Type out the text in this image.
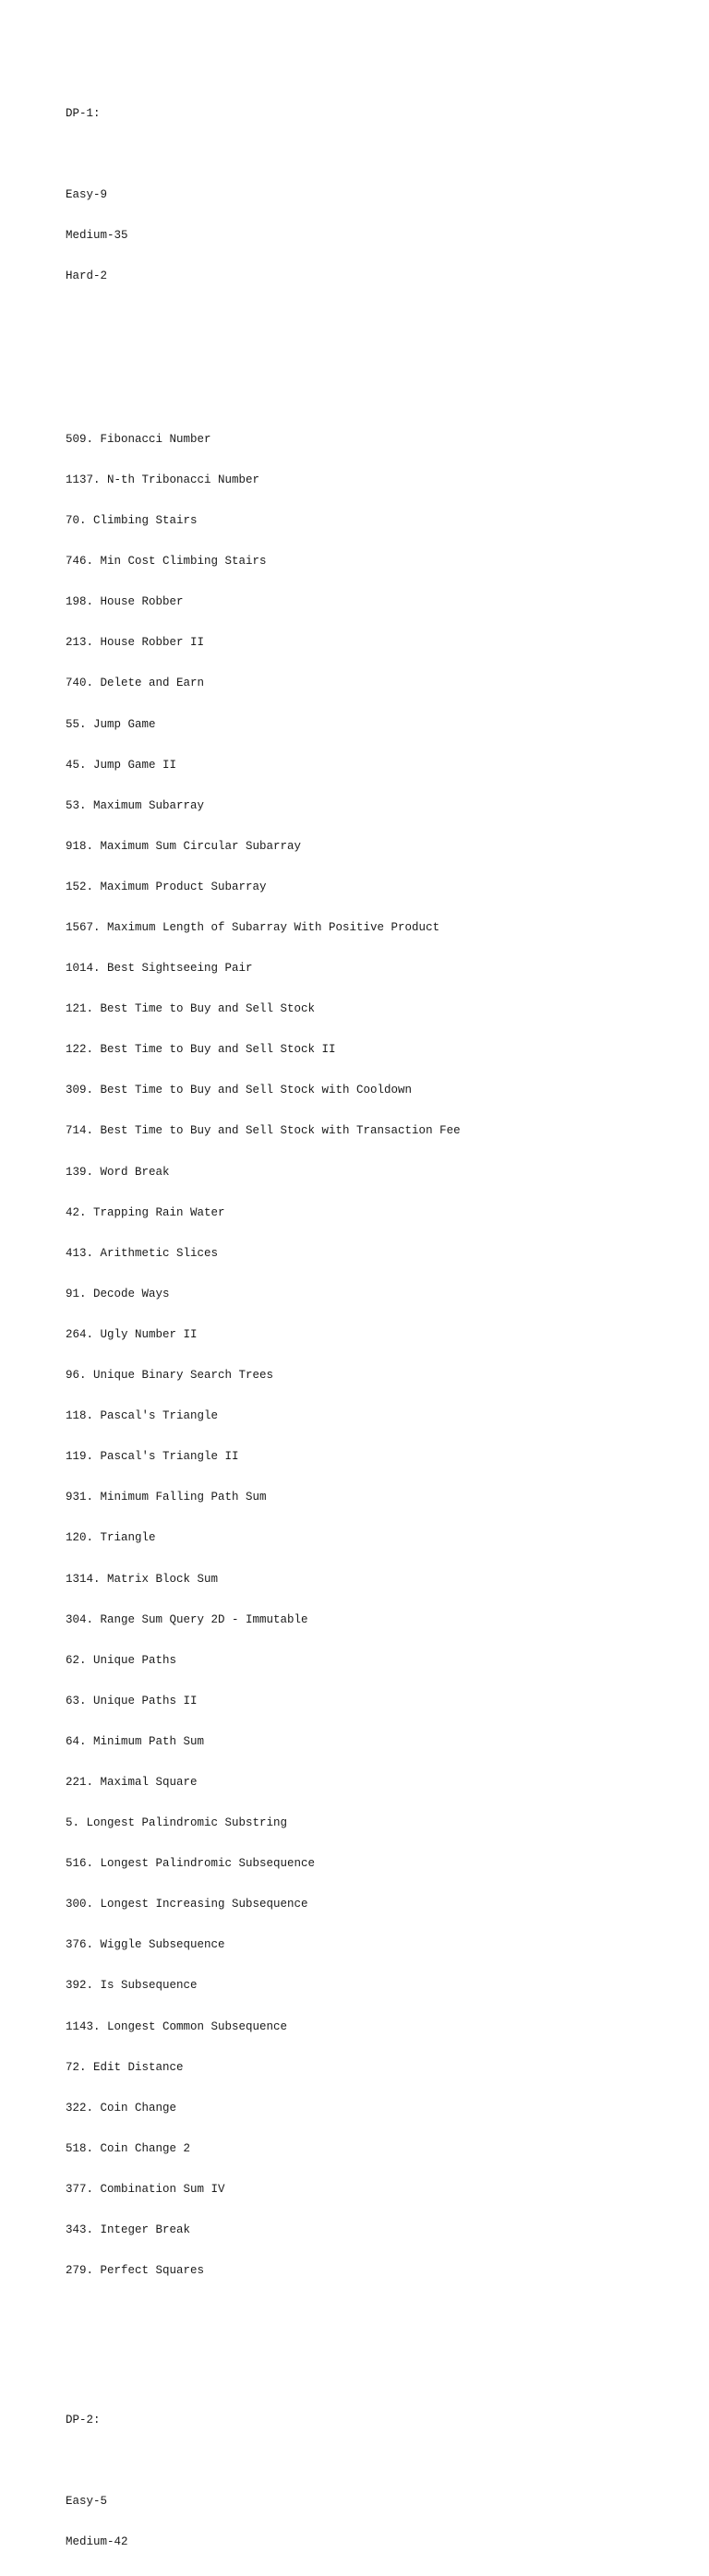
DP-1:

Easy-9

Medium-35

Hard-2

509. Fibonacci Number

1137. N-th Tribonacci Number

70. Climbing Stairs

746. Min Cost Climbing Stairs

198. House Robber

213. House Robber II

740. Delete and Earn

55. Jump Game

45. Jump Game II

53. Maximum Subarray

918. Maximum Sum Circular Subarray

152. Maximum Product Subarray

1567. Maximum Length of Subarray With Positive Product

1014. Best Sightseeing Pair

121. Best Time to Buy and Sell Stock

122. Best Time to Buy and Sell Stock II

309. Best Time to Buy and Sell Stock with Cooldown

714. Best Time to Buy and Sell Stock with Transaction Fee

139. Word Break

42. Trapping Rain Water

413. Arithmetic Slices

91. Decode Ways

264. Ugly Number II

96. Unique Binary Search Trees

118. Pascal's Triangle

119. Pascal's Triangle II

931. Minimum Falling Path Sum

120. Triangle

1314. Matrix Block Sum

304. Range Sum Query 2D - Immutable

62. Unique Paths

63. Unique Paths II

64. Minimum Path Sum

221. Maximal Square

5. Longest Palindromic Substring

516. Longest Palindromic Subsequence

300. Longest Increasing Subsequence

376. Wiggle Subsequence

392. Is Subsequence

1143. Longest Common Subsequence

72. Edit Distance

322. Coin Change

518. Coin Change 2

377. Combination Sum IV

343. Integer Break

279. Perfect Squares

DP-2:

Easy-5

Medium-42
